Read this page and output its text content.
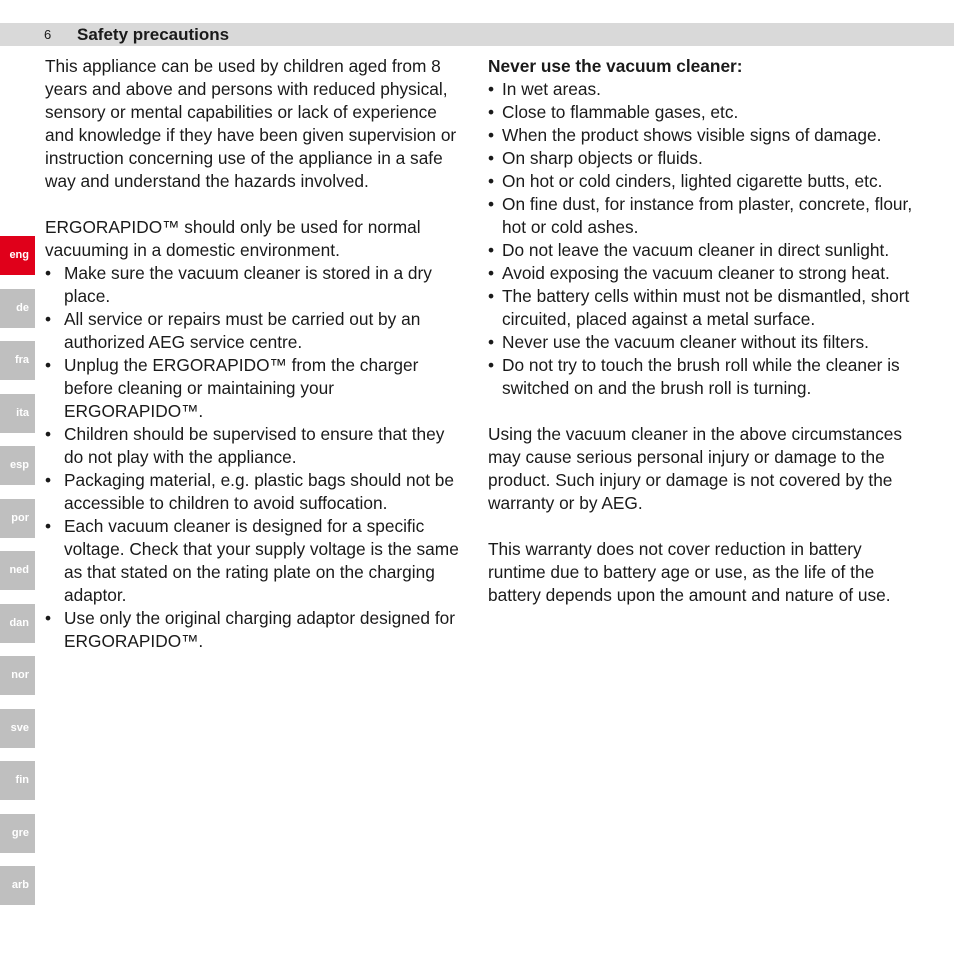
6 Safety precautions
eng
de
fra
ita
esp
por
ned
dan
nor
sve
fin
gre
arb

This appliance can be used by children aged from 8 years and above and persons with reduced physical, sensory or mental capabilities or lack of experience and knowledge if they have been given supervision or instruction concerning use of the appliance in a safe way and understand the hazards involved.

ERGORAPIDO™ should only be used for normal vacuuming in a domestic environment.

• Make sure the vacuum cleaner is stored in a dry place.
• All service or repairs must be carried out by an authorized AEG service centre.
• Unplug the ERGORAPIDO™ from the charger before cleaning or maintaining your ERGORAPIDO™.
• Children should be supervised to ensure that they do not play with the appliance.
• Packaging material, e.g. plastic bags should not be accessible to children to avoid suffocation.
• Each vacuum cleaner is designed for a specific voltage. Check that your supply voltage is the same as that stated on the rating plate on the charging adaptor.
• Use only the original charging adaptor designed for ERGORAPIDO™.

Never use the vacuum cleaner:

• In wet areas.
• Close to flammable gases, etc.
• When the product shows visible signs of damage.
• On sharp objects or fluids.
• On hot or cold cinders, lighted cigarette butts, etc.
• On fine dust, for instance from plaster, concrete, flour, hot or cold ashes.
• Do not leave the vacuum cleaner in direct sunlight.
• Avoid exposing the vacuum cleaner to strong heat.
• The battery cells within must not be dismantled, short circuited, placed against a metal surface.
• Never use the vacuum cleaner without its filters.
• Do not try to touch the brush roll while the cleaner is switched on and the brush roll is turning.

Using the vacuum cleaner in the above circumstances may cause serious personal injury or damage to the product. Such injury or damage is not covered by the warranty or by AEG.

This warranty does not cover reduction in battery runtime due to battery age or use, as the life of the battery depends upon the amount and nature of use.
